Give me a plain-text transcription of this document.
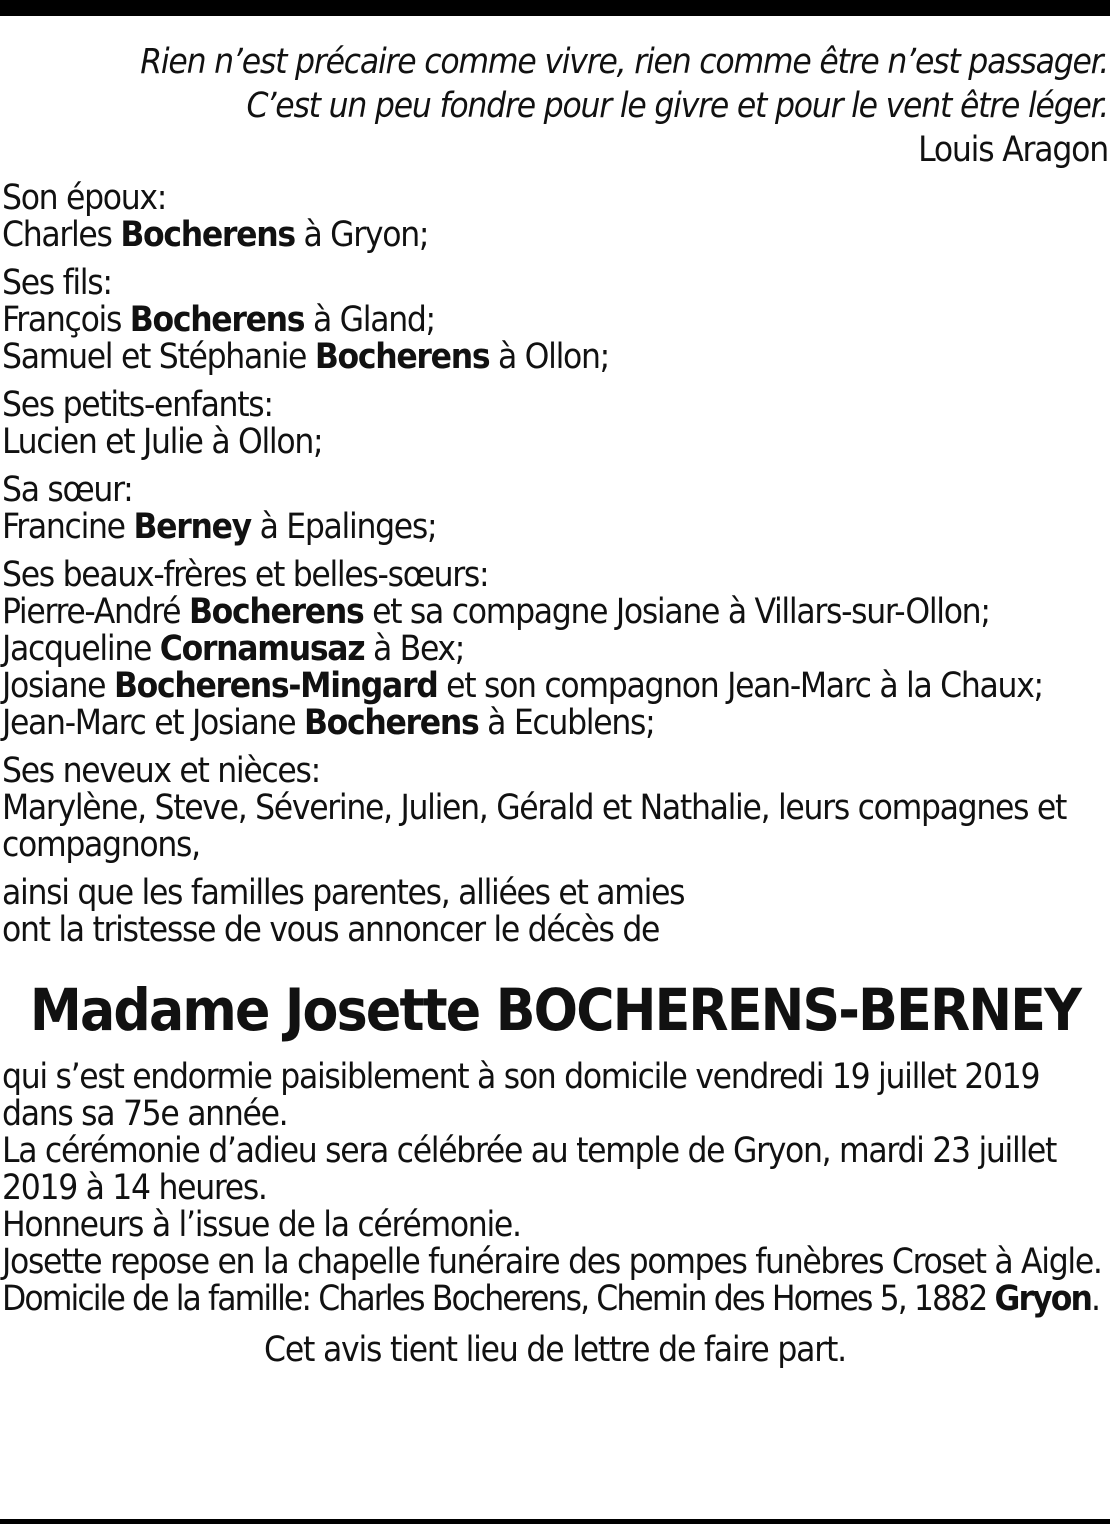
Rien n’est précaire comme vivre, rien comme être n’est passager.
C’est un peu fondre pour le givre et pour le vent être léger.
Louis Aragon
Son époux:
Charles Bocherens à Gryon;
Ses fils:
François Bocherens à Gland;
Samuel et Stéphanie Bocherens à Ollon;
Ses petits-enfants:
Lucien et Julie à Ollon;
Sa sœur:
Francine Berney à Epalinges;
Ses beaux-frères et belles-sœurs:
Pierre-André Bocherens et sa compagne Josiane à Villars-sur-Ollon;
Jacqueline Cornamusaz à Bex;
Josiane Bocherens-Mingard et son compagnon Jean-Marc à la Chaux;
Jean-Marc et Josiane Bocherens à Ecublens;
Ses neveux et nièces:
Marylène, Steve, Séverine, Julien, Gérald et Nathalie, leurs compagnes et
compagnons,
ainsi que les familles parentes, alliées et amies
ont la tristesse de vous annoncer le décès de
Madame Josette BOCHERENS-BERNEY
qui s’est endormie paisiblement à son domicile vendredi 19 juillet 2019
dans sa 75e année.
La cérémonie d’adieu sera célébrée au temple de Gryon, mardi 23 juillet
2019 à 14 heures.
Honneurs à l’issue de la cérémonie.
Josette repose en la chapelle funéraire des pompes funèbres Croset à Aigle.
Domicile de la famille: Charles Bocherens, Chemin des Hornes 5, 1882 Gryon.
Cet avis tient lieu de lettre de faire part.
